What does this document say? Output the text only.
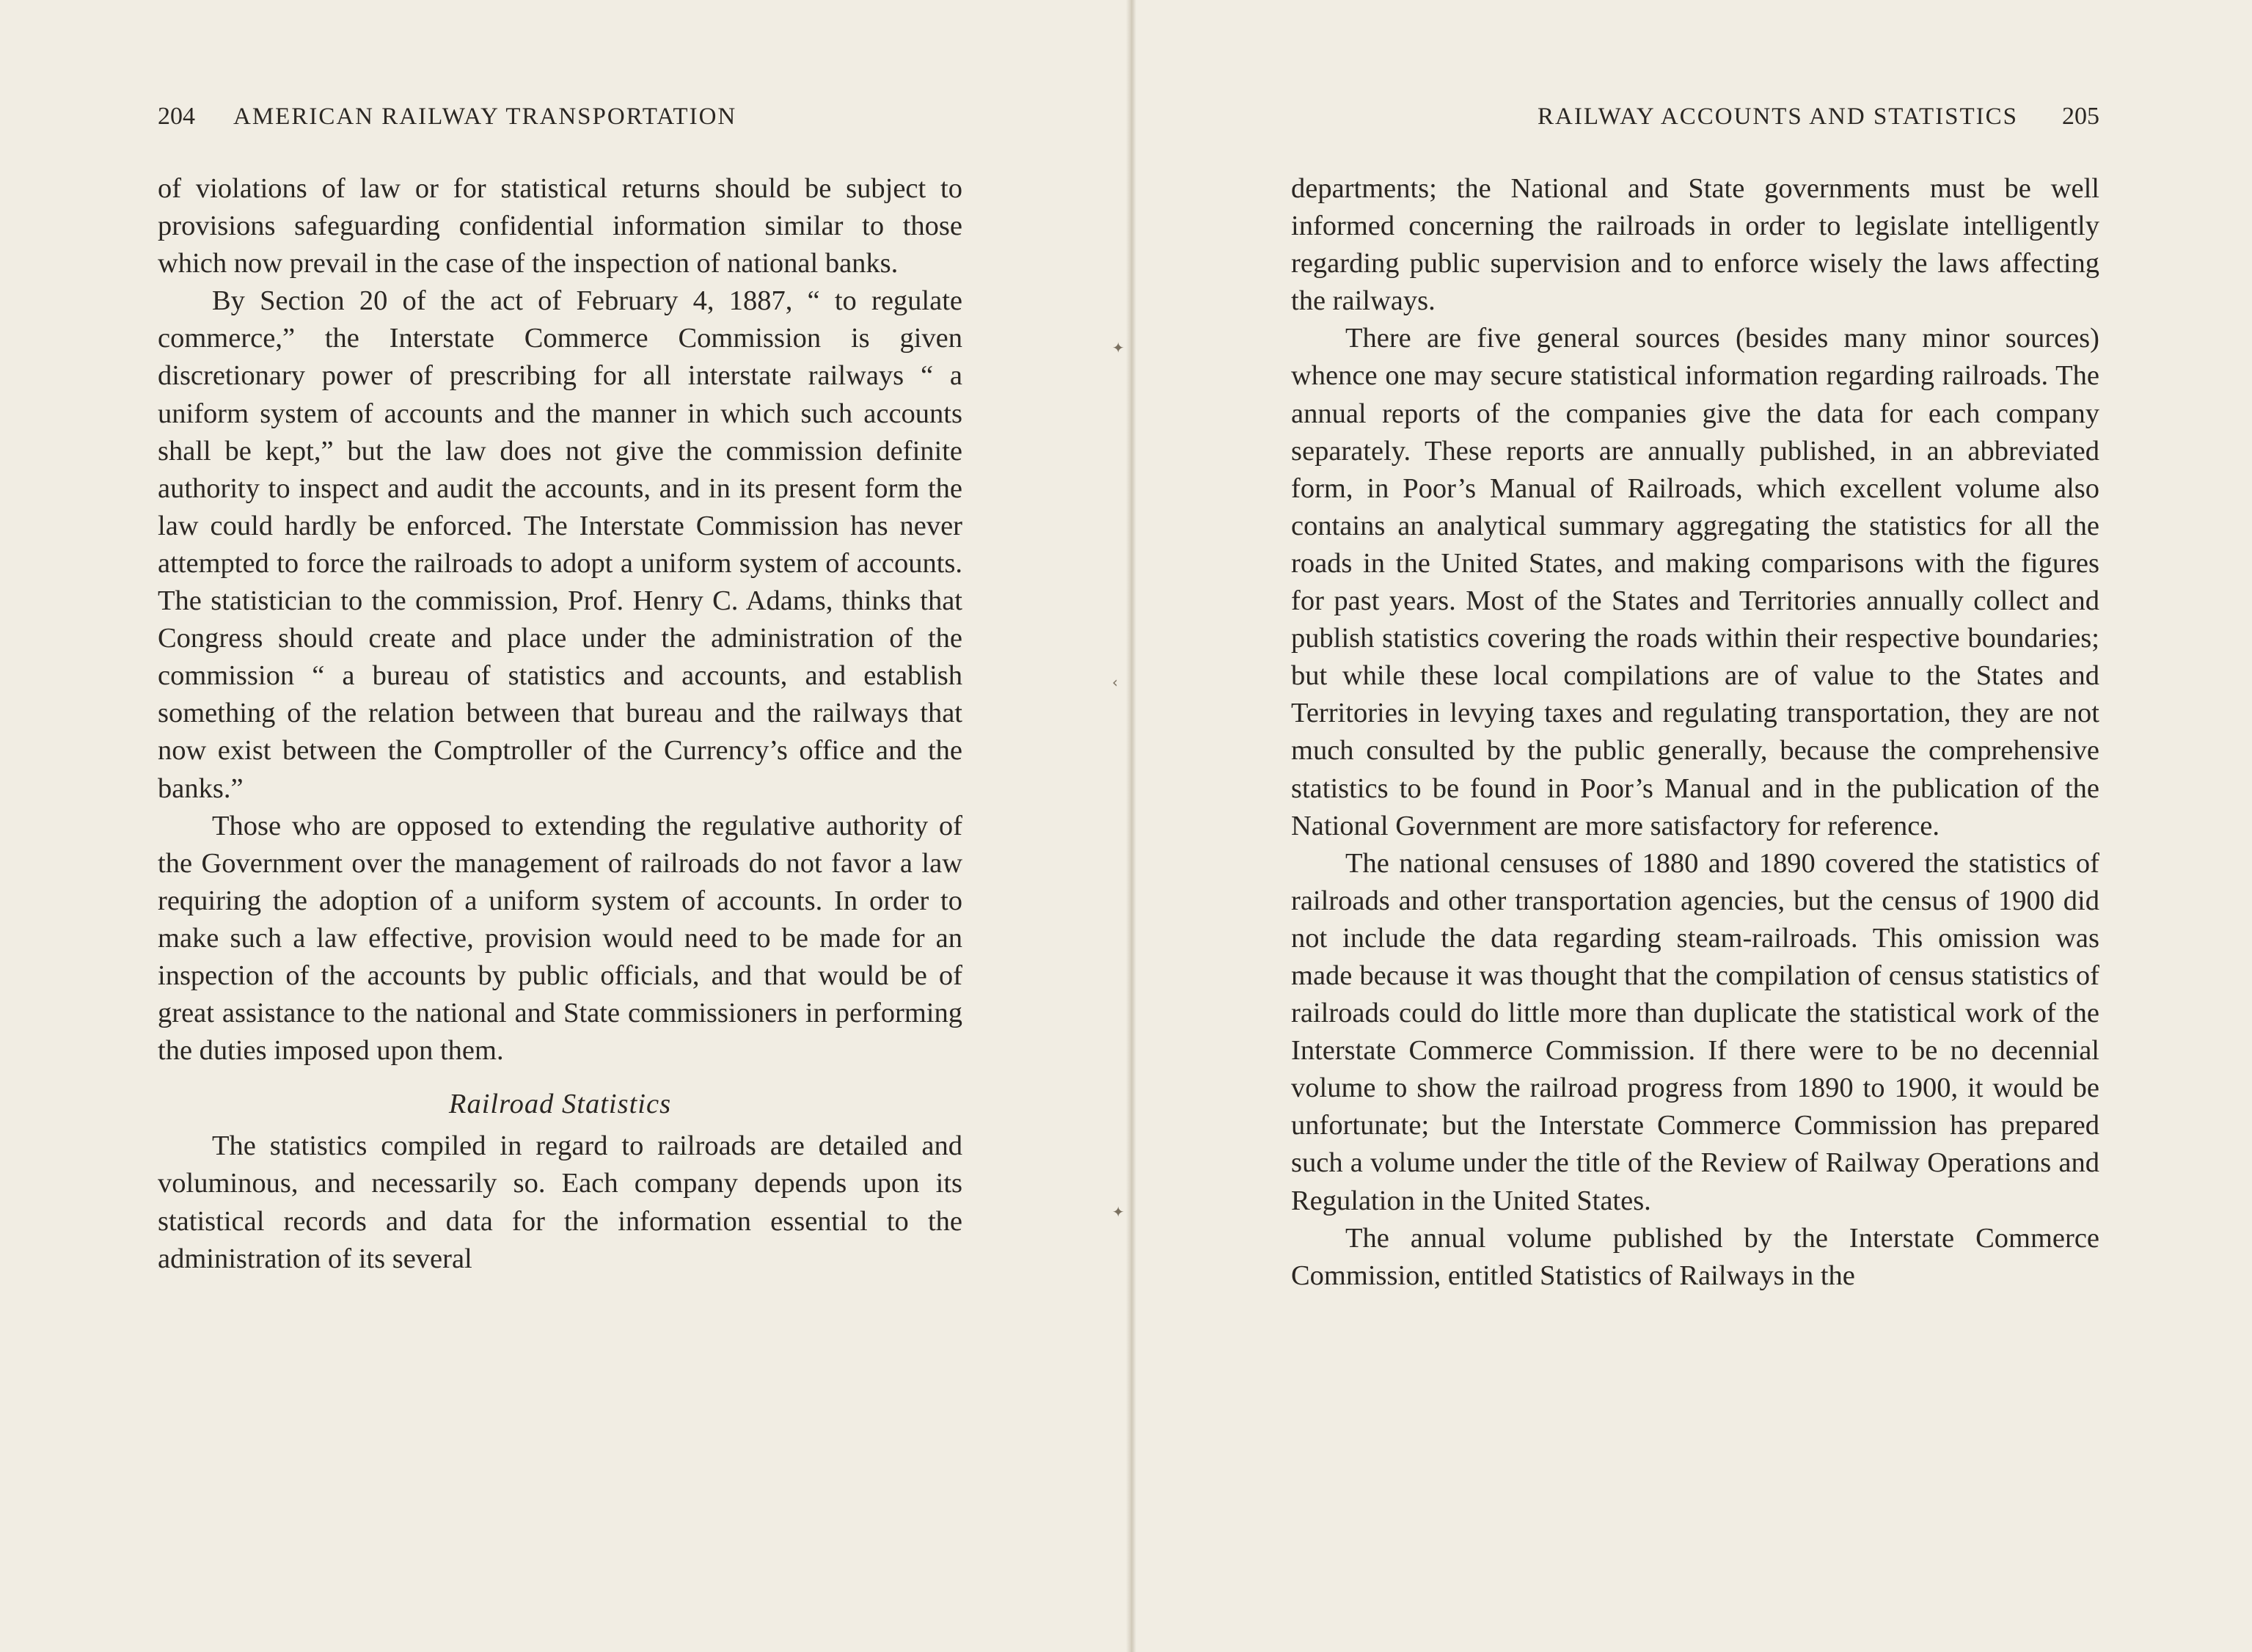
204 AMERICAN RAILWAY TRANSPORTATION

of violations of law or for statistical returns should be subject to provisions safeguarding confidential information similar to those which now prevail in the case of the inspection of national banks.

By Section 20 of the act of February 4, 1887, “ to regulate commerce,” the Interstate Commerce Commission is given discretionary power of prescribing for all interstate railways “ a uniform system of accounts and the manner in which such accounts shall be kept,” but the law does not give the commission definite authority to inspect and audit the accounts, and in its present form the law could hardly be enforced. The Interstate Commission has never attempted to force the railroads to adopt a uniform system of accounts. The statistician to the commission, Prof. Henry C. Adams, thinks that Congress should create and place under the administration of the commission “ a bureau of statistics and accounts, and establish something of the relation between that bureau and the railways that now exist between the Comptroller of the Currency’s office and the banks.”

Those who are opposed to extending the regulative authority of the Government over the management of railroads do not favor a law requiring the adoption of a uniform system of accounts. In order to make such a law effective, provision would need to be made for an inspection of the accounts by public officials, and that would be of great assistance to the national and State commissioners in performing the duties imposed upon them.

Railroad Statistics

The statistics compiled in regard to railroads are detailed and voluminous, and necessarily so. Each company depends upon its statistical records and data for the information essential to the administration of its several

RAILWAY ACCOUNTS AND STATISTICS 205

departments; the National and State governments must be well informed concerning the railroads in order to legislate intelligently regarding public supervision and to enforce wisely the laws affecting the railways.

There are five general sources (besides many minor sources) whence one may secure statistical information regarding railroads. The annual reports of the companies give the data for each company separately. These reports are annually published, in an abbreviated form, in Poor’s Manual of Railroads, which excellent volume also contains an analytical summary aggregating the statistics for all the roads in the United States, and making comparisons with the figures for past years. Most of the States and Territories annually collect and publish statistics covering the roads within their respective boundaries; but while these local compilations are of value to the States and Territories in levying taxes and regulating transportation, they are not much consulted by the public generally, because the comprehensive statistics to be found in Poor’s Manual and in the publication of the National Government are more satisfactory for reference.

The national censuses of 1880 and 1890 covered the statistics of railroads and other transportation agencies, but the census of 1900 did not include the data regarding steam-railroads. This omission was made because it was thought that the compilation of census statistics of railroads could do little more than duplicate the statistical work of the Interstate Commerce Commission. If there were to be no decennial volume to show the railroad progress from 1890 to 1900, it would be unfortunate; but the Interstate Commerce Commission has prepared such a volume under the title of the Review of Railway Operations and Regulation in the United States.

The annual volume published by the Interstate Commerce Commission, entitled Statistics of Railways in the

✦
‹
✦
